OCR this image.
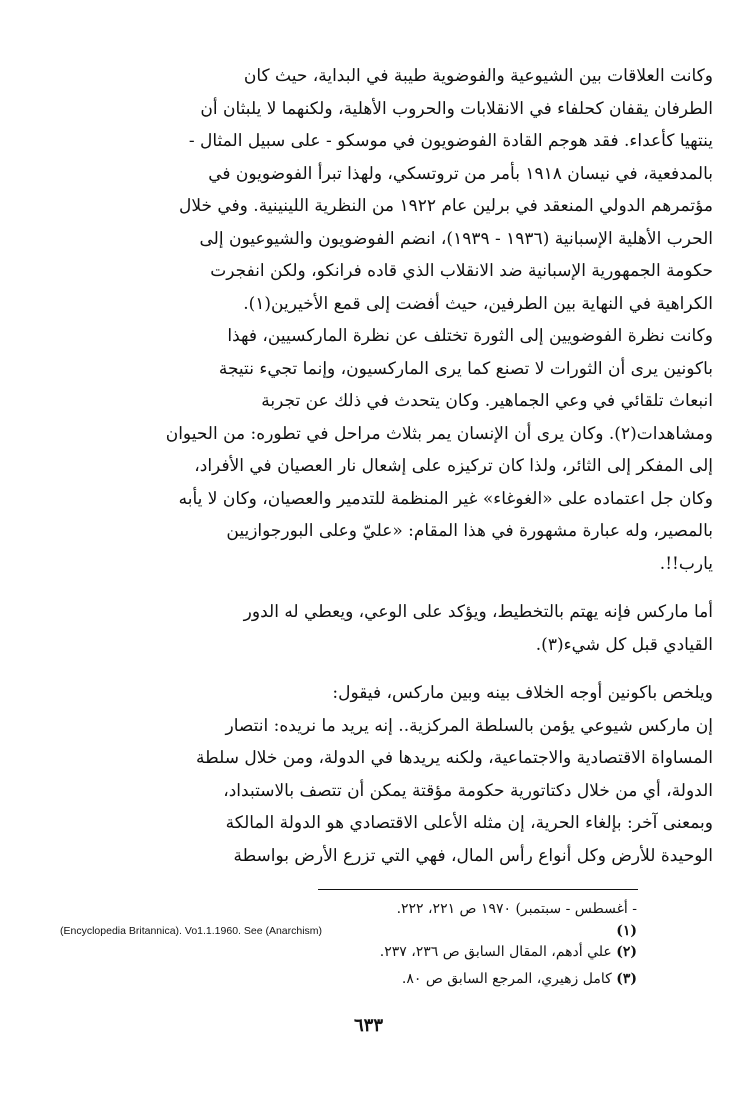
وكانت العلاقات بين الشيوعية والفوضوية طيبة في البداية، حيث كان
الطرفان يقفان كحلفاء في الانقلابات والحروب الأهلية، ولكنهما لا يلبثان أن
ينتهيا كأعداء. فقد هوجم القادة الفوضويون في موسكو - على سبيل المثال -
بالمدفعية، في نيسان ١٩١٨ بأمر من تروتسكي، ولهذا تبرأ الفوضويون في
مؤتمرهم الدولي المنعقد في برلين عام ١٩٢٢ من النظرية اللينينية. وفي خلال
الحرب الأهلية الإسبانية (١٩٣٦ - ١٩٣٩)، انضم الفوضويون والشيوعيون إلى
حكومة الجمهورية الإسبانية ضد الانقلاب الذي قاده فرانكو، ولكن انفجرت
الكراهية في النهاية بين الطرفين، حيث أفضت إلى قمع الأخيرين(١).
وكانت نظرة الفوضويين إلى الثورة تختلف عن نظرة الماركسيين، فهذا
باكونين يرى أن الثورات لا تصنع كما يرى الماركسيون، وإنما تجيء نتيجة
انبعاث تلقائي في وعي الجماهير. وكان يتحدث في ذلك عن تجربة
ومشاهدات(٢). وكان يرى أن الإنسان يمر بثلاث مراحل في تطوره: من الحيوان
إلى المفكر إلى الثائر، ولذا كان تركيزه على إشعال نار العصيان في الأفراد،
وكان جل اعتماده على «الغوغاء» غير المنظمة للتدمير والعصيان، وكان لا يأبه
بالمصير، وله عبارة مشهورة في هذا المقام: «عليّ وعلى البورجوازيين
يارب!!.
أما ماركس فإنه يهتم بالتخطيط، ويؤكد على الوعي، ويعطي له الدور
القيادي قبل كل شيء(٣).
ويلخص باكونين أوجه الخلاف بينه وبين ماركس، فيقول:
إن ماركس شيوعي يؤمن بالسلطة المركزية.. إنه يريد ما نريده: انتصار
المساواة الاقتصادية والاجتماعية، ولكنه يريدها في الدولة، ومن خلال سلطة
الدولة، أي من خلال دكتاتورية حكومة مؤقتة يمكن أن تتصف بالاستبداد،
وبمعنى آخر: بإلغاء الحرية، إن مثله الأعلى الاقتصادي هو الدولة المالكة
الوحيدة للأرض وكل أنواع رأس المال، فهي التي تزرع الأرض بواسطة
- أغسطس - سبتمبر) ١٩٧٠ ص ٢٢١، ٢٢٢.
(١)
(Encyclopedia Britannica). Vo1.1.1960. See (Anarchism)
(٢) علي أدهم، المقال السابق ص ٢٣٦، ٢٣٧.
(٣) كامل زهيري، المرجع السابق ص ٨٠.
٦٣٣
